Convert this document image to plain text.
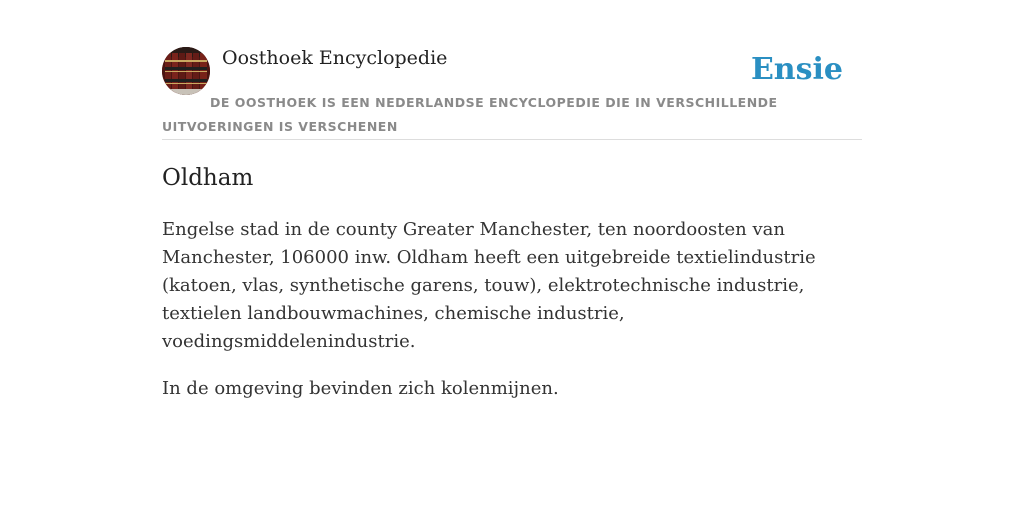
Oosthoek Encyclopedie	Ensie
DE OOSTHOEK IS EEN NEDERLANDSE ENCYCLOPEDIE DIE IN VERSCHILLENDE UITVOERINGEN IS VERSCHENEN
Oldham

Engelse stad in de county Greater Manchester, ten noordoosten van Manchester, 106000 inw. Oldham heeft een uitgebreide textielindustrie (katoen, vlas, synthetische garens, touw), elektrotechnische industrie, textielen landbouwmachines, chemische industrie, voedingsmiddelenindustrie.

In de omgeving bevinden zich kolenmijnen.
